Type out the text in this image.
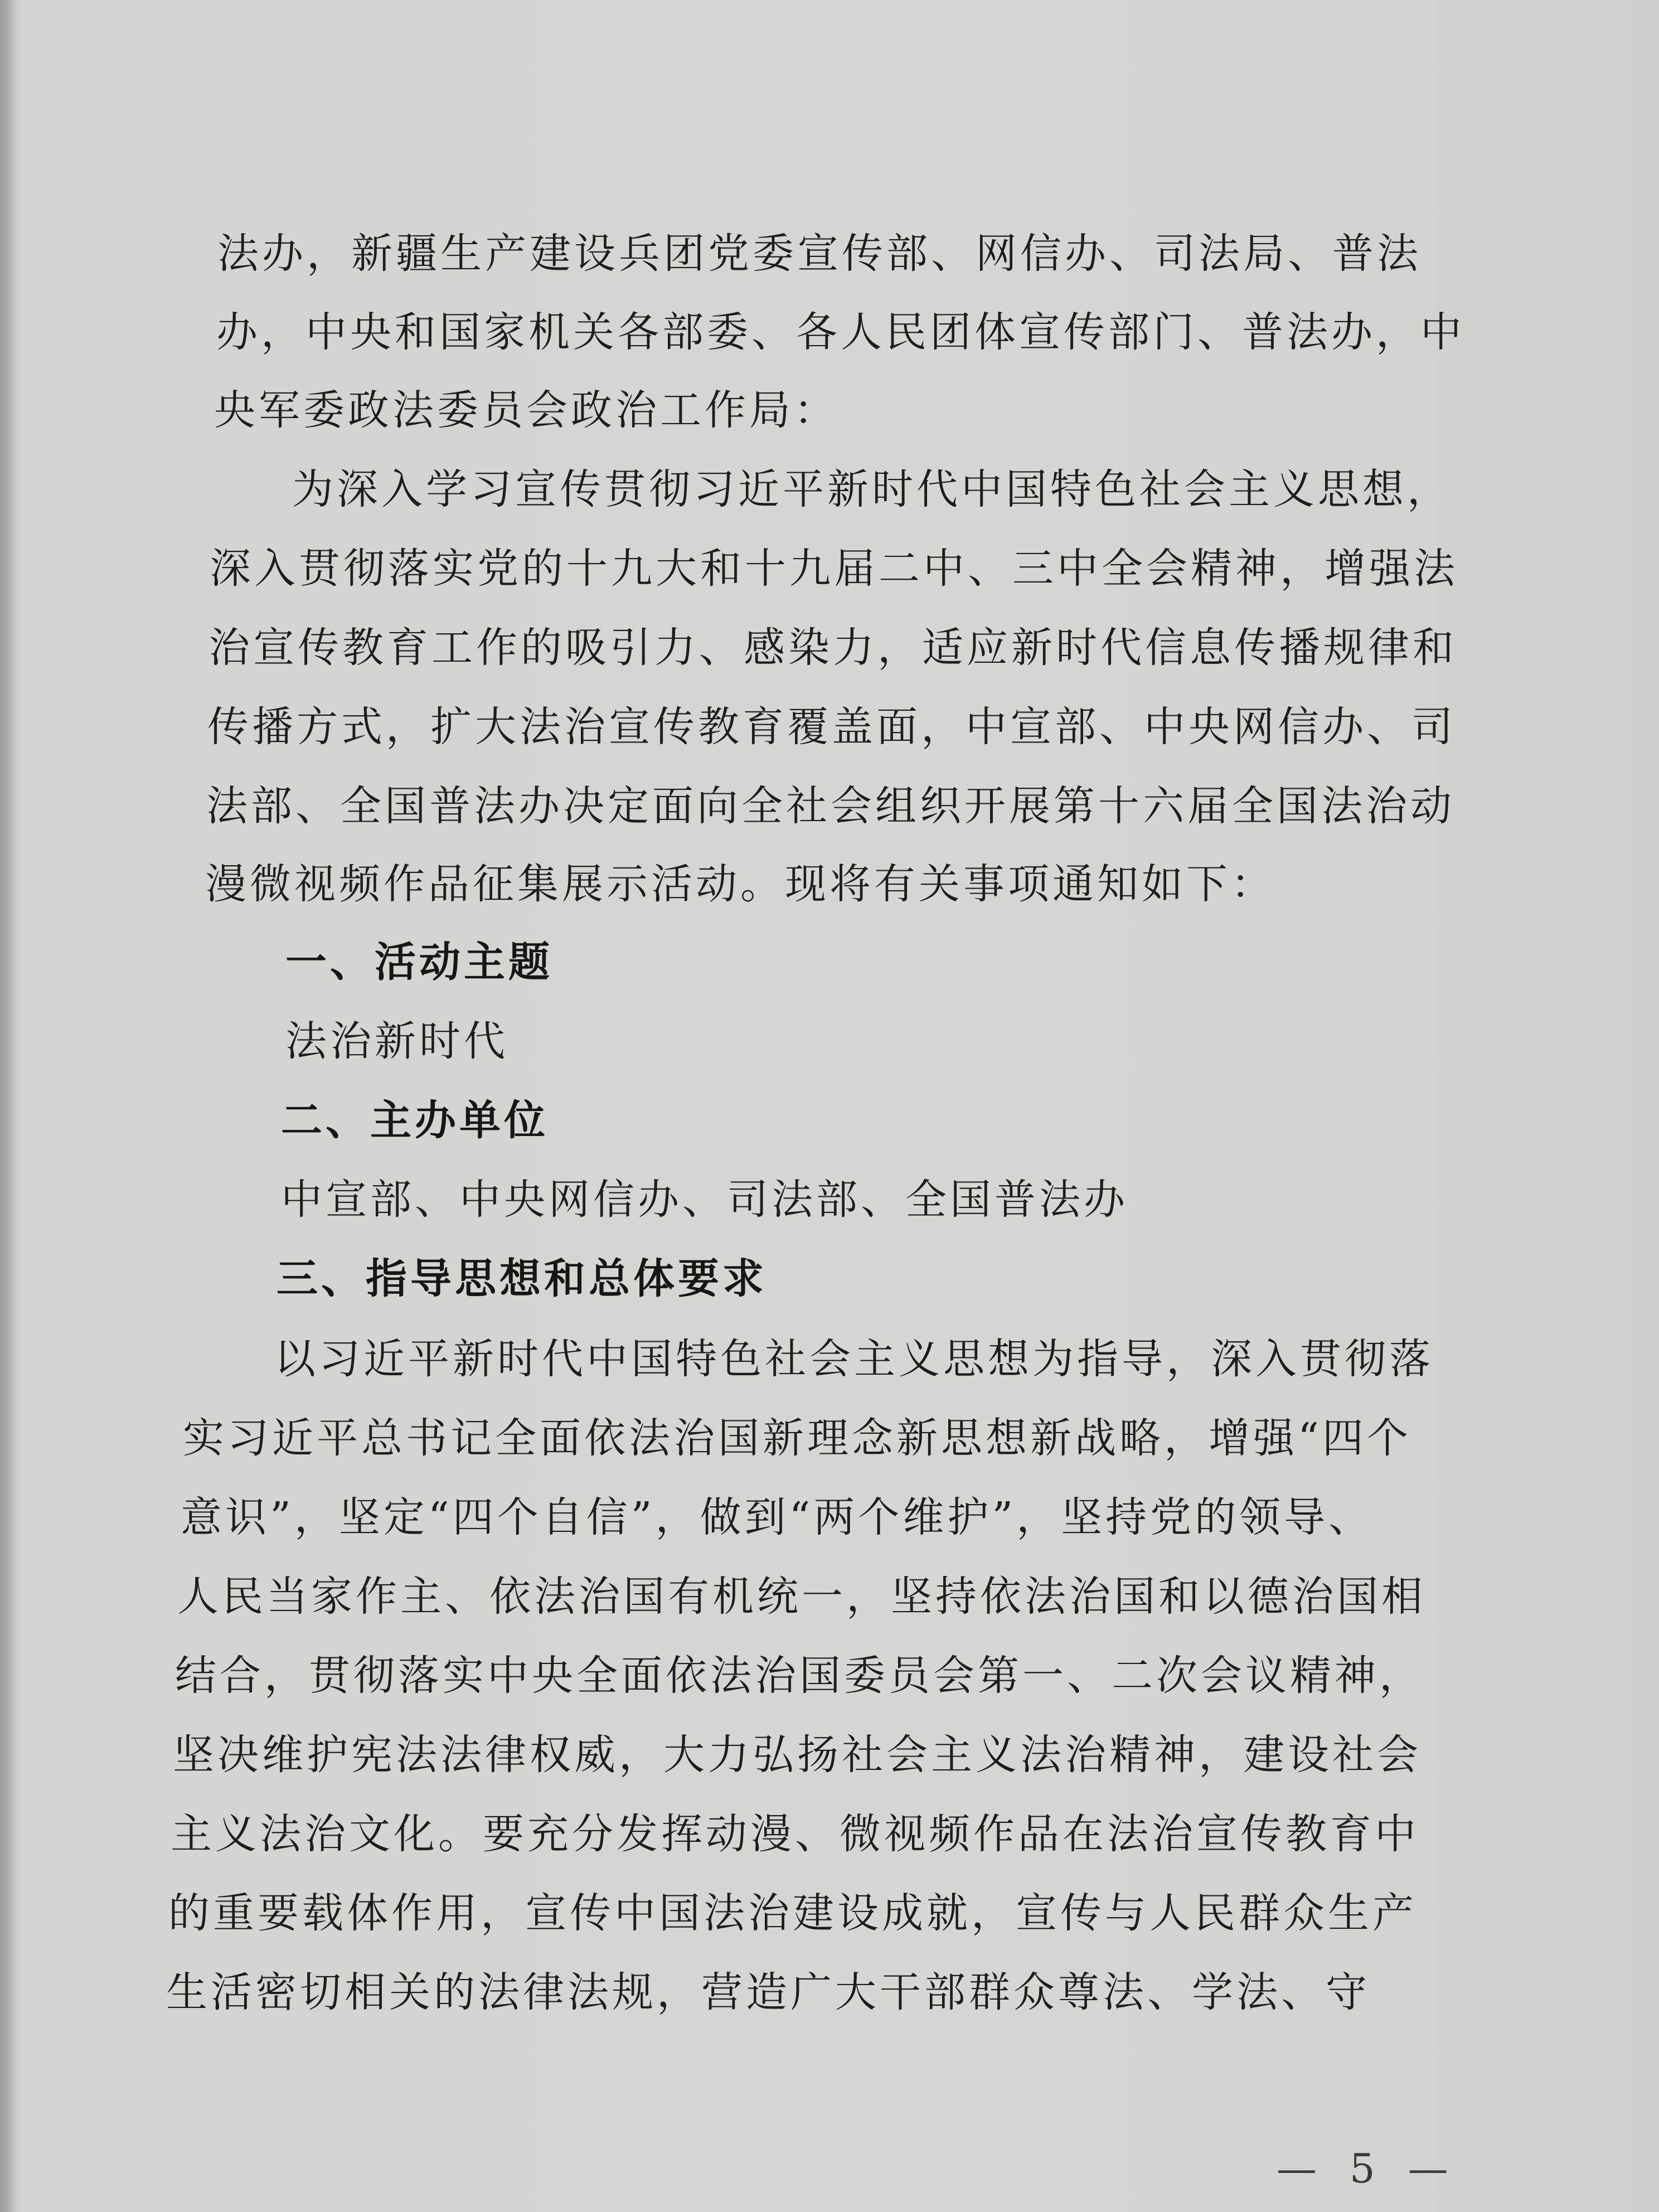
法办，新疆生产建设兵团党委宣传部、网信办、司法局、普法

办，中央和国家机关各部委、各人民团体宣传部门、普法办，中

央军委政法委员会政治工作局：

为深入学习宣传贯彻习近平新时代中国特色社会主义思想，

深入贯彻落实党的十九大和十九届二中、三中全会精神，增强法

治宣传教育工作的吸引力、感染力，适应新时代信息传播规律和

传播方式，扩大法治宣传教育覆盖面，中宣部、中央网信办、司

法部、全国普法办决定面向全社会组织开展第十六届全国法治动

漫微视频作品征集展示活动。现将有关事项通知如下：

一、活动主题

法治新时代

二、主办单位

中宣部、中央网信办、司法部、全国普法办

三、指导思想和总体要求

以习近平新时代中国特色社会主义思想为指导，深入贯彻落

实习近平总书记全面依法治国新理念新思想新战略，增强“四个

意识”，坚定“四个自信”，做到“两个维护”，坚持党的领导、

人民当家作主、依法治国有机统一，坚持依法治国和以德治国相

结合，贯彻落实中央全面依法治国委员会第一、二次会议精神，

坚决维护宪法法律权威，大力弘扬社会主义法治精神，建设社会

主义法治文化。要充分发挥动漫、微视频作品在法治宣传教育中

的重要载体作用，宣传中国法治建设成就，宣传与人民群众生产

生活密切相关的法律法规，营造广大干部群众尊法、学法、守

— 5 —
